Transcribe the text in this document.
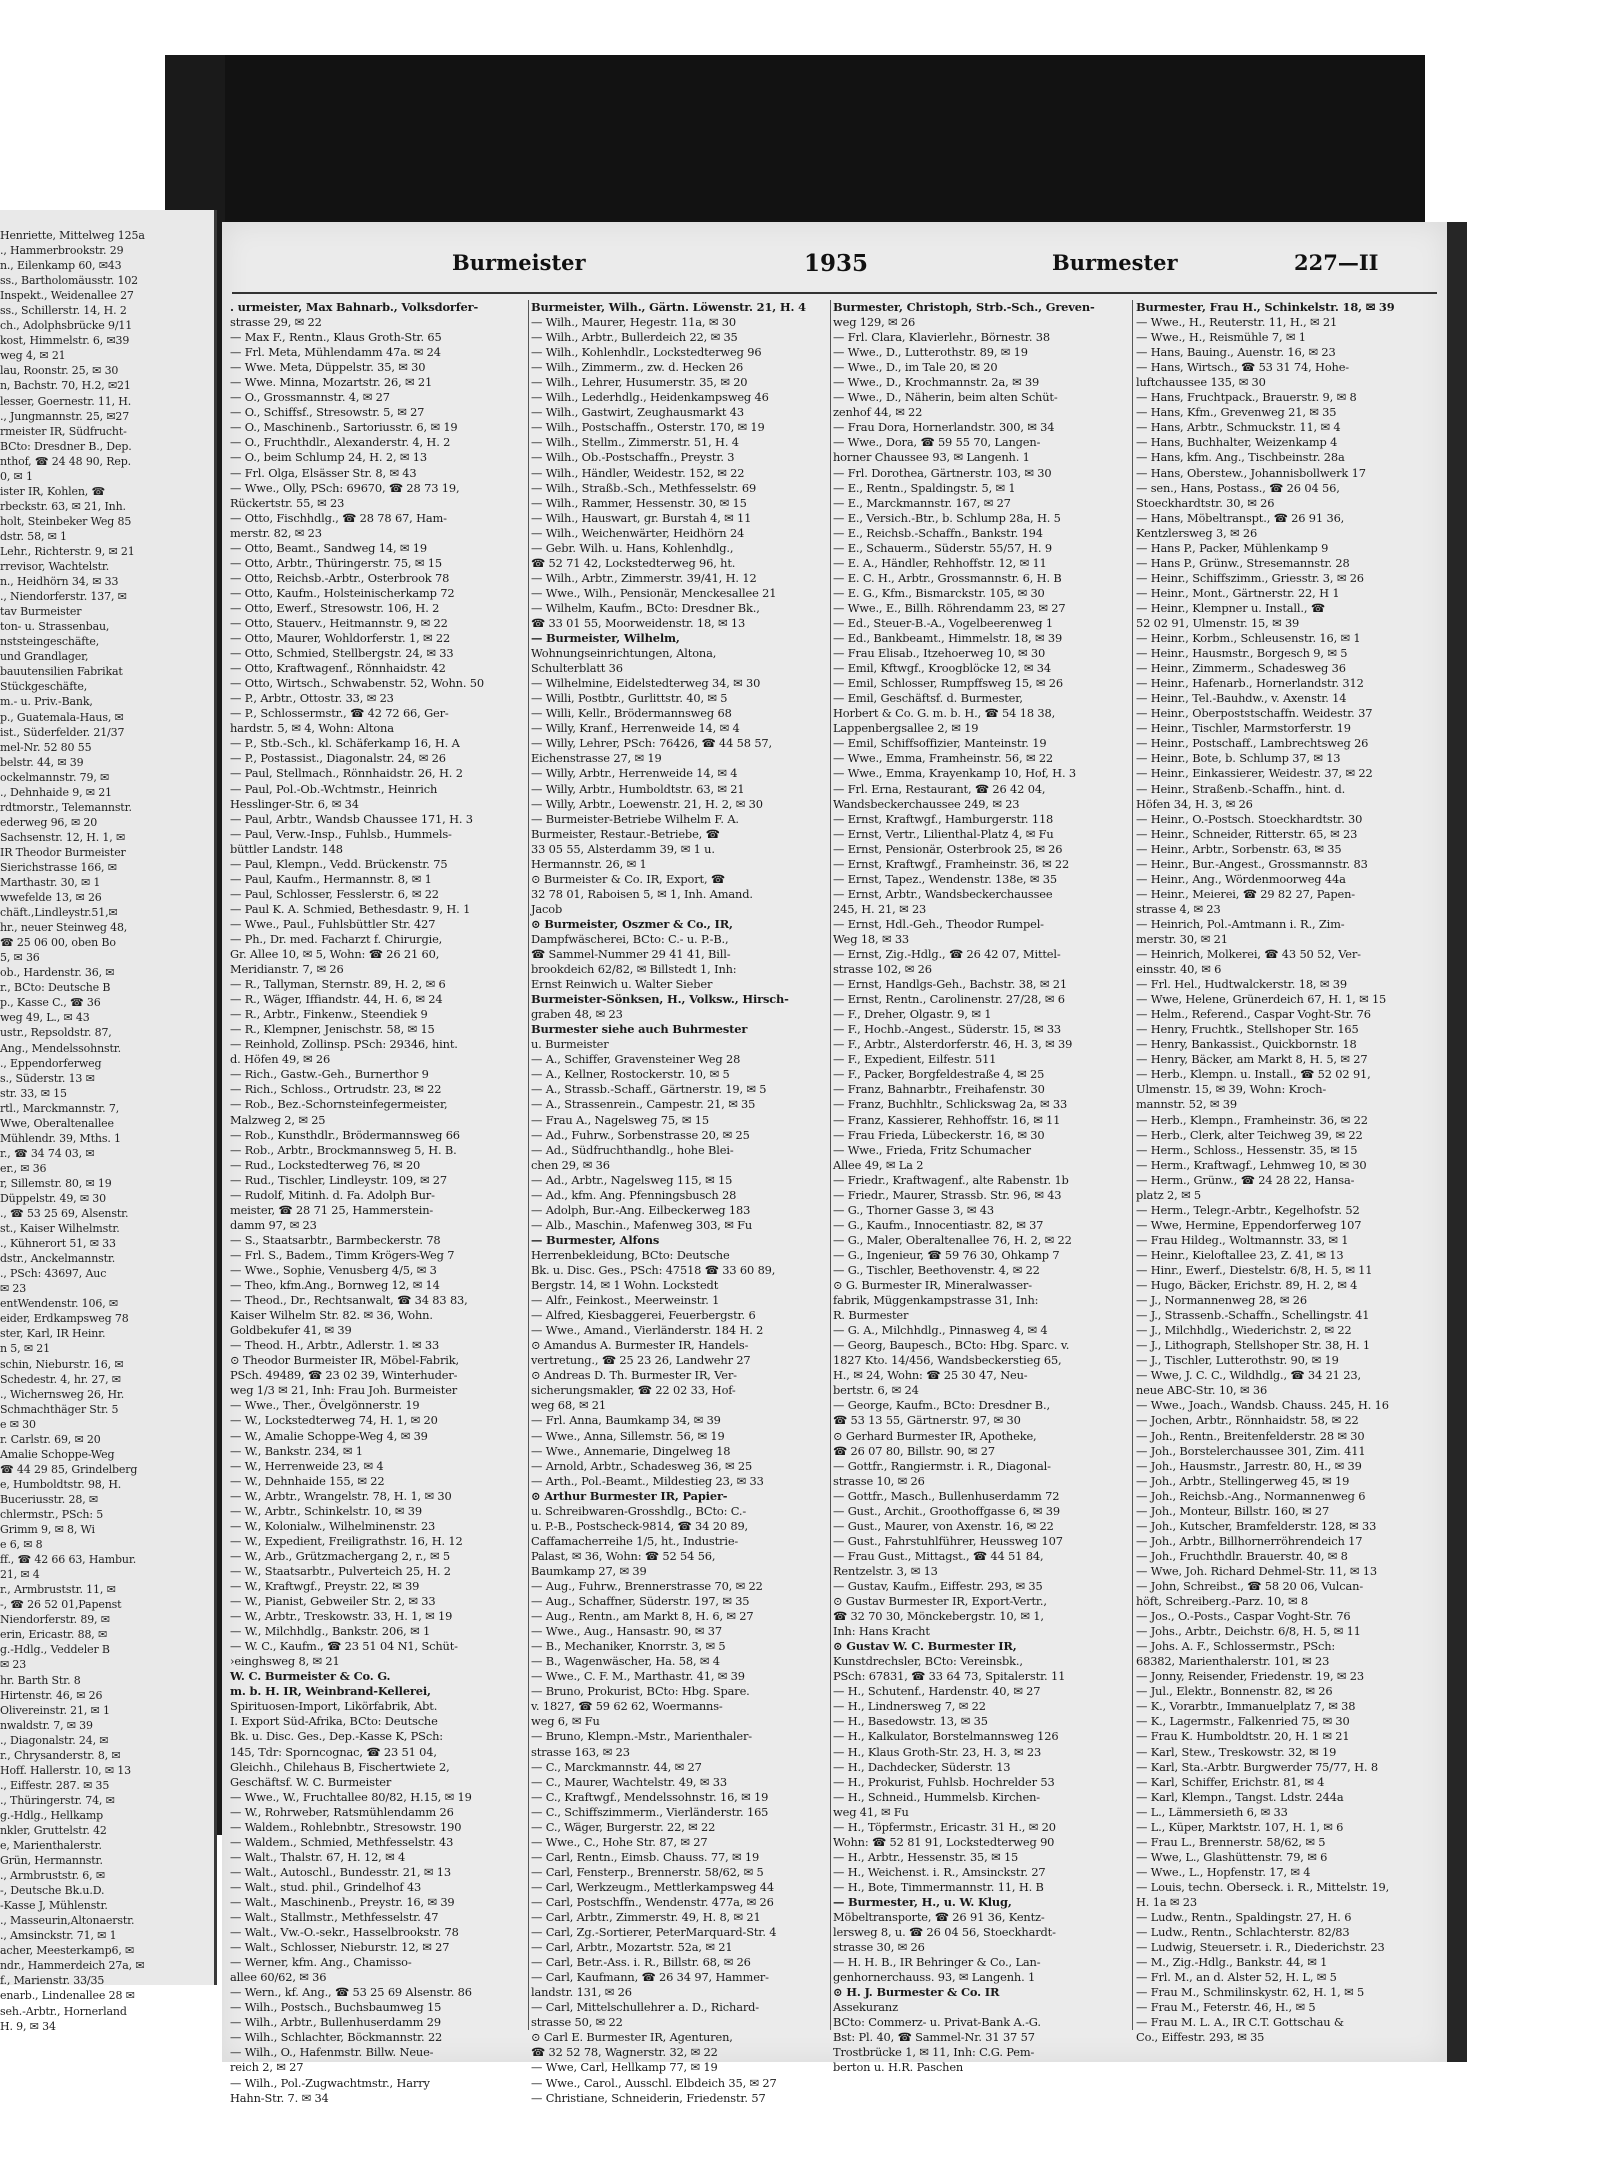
Henriette, Mittelweg 125a
., Hammerbrookstr. 29
n., Eilenkamp 60, ✉43
ss., Bartholomäusstr. 102
Inspekt., Weidenallee 27
ss., Schillerstr. 14, H. 2
ch., Adolphsbrücke 9/11
kost, Himmelstr. 6, ✉39
weg 4, ✉ 21
lau, Roonstr. 25, ✉ 30
n, Bachstr. 70, H.2, ✉21
lesser, Goernestr. 11, H.
., Jungmannstr. 25, ✉27
rmeister IR, Südfrucht-
BCto: Dresdner B., Dep.
nthof, ☎ 24 48 90, Rep.
0, ✉ 1
ister IR, Kohlen, ☎
rbeckstr. 63, ✉ 21, Inh.
holt, Steinbeker Weg 85
dstr. 58, ✉ 1
Lehr., Richterstr. 9, ✉ 21
rrevisor, Wachtelstr.
n., Heidhörn 34, ✉ 33
., Niendorferstr. 137, ✉
tav Burmeister
ton- u. Strassenbau,
nststeingeschäfte,
und Grandlager,
bauutensilien Fabrikat
Stückgeschäfte,
m.- u. Priv.-Bank,
p., Guatemala-Haus, ✉
ist., Süderfelder. 21/37
mel-Nr. 52 80 55
belstr. 44, ✉ 39
ockelmannstr. 79, ✉
., Dehnhaide 9, ✉ 21
rdtmorstr., Telemannstr.
ederweg 96, ✉ 20
Sachsenstr. 12, H. 1, ✉
IR Theodor Burmeister
Sierichstrasse 166, ✉
Marthastr. 30, ✉ 1
wwefelde 13, ✉ 26
chäft.,Lindleystr.51,✉
hr., neuer Steinweg 48,
☎ 25 06 00, oben Bo
5, ✉ 36
ob., Hardenstr. 36, ✉
r., BCto: Deutsche B
p., Kasse C., ☎ 36
weg 49, L., ✉ 43
ustr., Repsoldstr. 87,
Ang., Mendelssohnstr.
., Eppendorferweg
s., Süderstr. 13 ✉
str. 33, ✉ 15
rtl., Marckmannstr. 7,
Wwe, Oberaltenallee
Mühlendr. 39, Mths. 1
r., ☎ 34 74 03, ✉
er., ✉ 36
r, Sillemstr. 80, ✉ 19
Düppelstr. 49, ✉ 30
., ☎ 53 25 69, Alsenstr.
st., Kaiser Wilhelmstr.
., Kühnerort 51, ✉ 33
dstr., Anckelmannstr.
., PSch: 43697, Auc
✉ 23
entWendenstr. 106, ✉
eider, Erdkampsweg 78
ster, Karl, IR Heinr.
n 5, ✉ 21
schin, Nieburstr. 16, ✉
Schedestr. 4, hr. 27, ✉
., Wichernsweg 26, Hr.
Schmachthäger Str. 5
e ✉ 30
r. Carlstr. 69, ✉ 20
Amalie Schoppe-Weg
☎ 44 29 85, Grindelberg
e, Humboldtstr. 98, H.
Buceriusstr. 28, ✉
chlermstr., PSch: 5
Grimm 9, ✉ 8, Wi
e 6, ✉ 8
ff., ☎ 42 66 63, Hambur.
21, ✉ 4
r., Armbruststr. 11, ✉
-, ☎ 26 52 01,Papenst
Niendorferstr. 89, ✉
erin, Ericastr. 88, ✉
g.-Hdlg., Veddeler B
✉ 23
hr. Barth Str. 8
Hirtenstr. 46, ✉ 26
Olivereinstr. 21, ✉ 1
nwaldstr. 7, ✉ 39
., Diagonalstr. 24, ✉
r., Chrysanderstr. 8, ✉
Hoff. Hallerstr. 10, ✉ 13
., Eiffestr. 287. ✉ 35
., Thüringerstr. 74, ✉
g.-Hdlg., Hellkamp
nkler, Gruttelstr. 42
e, Marienthalerstr.
Grün, Hermannstr.
., Armbruststr. 6, ✉
-, Deutsche Bk.u.D.
-Kasse J, Mühlenstr.
., Masseurin,Altonaerstr.
., Amsinckstr. 71, ✉ 1
acher, Meesterkamp6, ✉
ndr., Hammerdeich 27a, ✉
f., Marienstr. 33/35
enarb., Lindenallee 28 ✉
seh.-Arbtr., Hornerland
H. 9, ✉ 34
Burmeister	1935	Burmester	227—II
. urmeister, Max Bahnarb., Volksdorfer-
strasse 29, ✉ 22
— Max F., Rentn., Klaus Groth-Str. 65
— Frl. Meta, Mühlendamm 47a. ✉ 24
— Wwe. Meta, Düppelstr. 35, ✉ 30
— Wwe. Minna, Mozartstr. 26, ✉ 21
— O., Grossmannstr. 4, ✉ 27
— O., Schiffsf., Stresowstr. 5, ✉ 27
— O., Maschinenb., Sartoriusstr. 6, ✉ 19
— O., Fruchthdlr., Alexanderstr. 4, H. 2
— O., beim Schlump 24, H. 2, ✉ 13
— Frl. Olga, Elsässer Str. 8, ✉ 43
— Wwe., Olly, PSch: 69670, ☎ 28 73 19,
Rückertstr. 55, ✉ 23
— Otto, Fischhdlg., ☎ 28 78 67, Ham-
merstr. 82, ✉ 23
— Otto, Beamt., Sandweg 14, ✉ 19
— Otto, Arbtr., Thüringerstr. 75, ✉ 15
— Otto, Reichsb.-Arbtr., Osterbrook 78
— Otto, Kaufm., Holsteinischerkamp 72
— Otto, Ewerf., Stresowstr. 106, H. 2
— Otto, Stauerv., Heitmannstr. 9, ✉ 22
— Otto, Maurer, Wohldorferstr. 1, ✉ 22
— Otto, Schmied, Stellbergstr. 24, ✉ 33
— Otto, Kraftwagenf., Rönnhaidstr. 42
— Otto, Wirtsch., Schwabenstr. 52, Wohn. 50
— P., Arbtr., Ottostr. 33, ✉ 23
— P., Schlossermstr., ☎ 42 72 66, Ger-
hardstr. 5, ✉ 4, Wohn: Altona
— P., Stb.-Sch., kl. Schäferkamp 16, H. A
— P., Postassist., Diagonalstr. 24, ✉ 26
— Paul, Stellmach., Rönnhaidstr. 26, H. 2
— Paul, Pol.-Ob.-Wchtmstr., Heinrich
Hesslinger-Str. 6, ✉ 34
— Paul, Arbtr., Wandsb Chaussee 171, H. 3
— Paul, Verw.-Insp., Fuhlsb., Hummels-
büttler Landstr. 148
— Paul, Klempn., Vedd. Brückenstr. 75
— Paul, Kaufm., Hermannstr. 8, ✉ 1
— Paul, Schlosser, Fesslerstr. 6, ✉ 22
— Paul K. A. Schmied, Bethesdastr. 9, H. 1
— Wwe., Paul., Fuhlsbüttler Str. 427
— Ph., Dr. med. Facharzt f. Chirurgie,
Gr. Allee 10, ✉ 5, Wohn: ☎ 26 21 60,
Meridianstr. 7, ✉ 26
— R., Tallyman, Sternstr. 89, H. 2, ✉ 6
— R., Wäger, Iffiandstr. 44, H. 6, ✉ 24
— R., Arbtr., Finkenw., Steendiek 9
— R., Klempner, Jenischstr. 58, ✉ 15
— Reinhold, Zollinsp. PSch: 29346, hint.
d. Höfen 49, ✉ 26
— Rich., Gastw.-Geh., Burnerthor 9
— Rich., Schloss., Ortrudstr. 23, ✉ 22
— Rob., Bez.-Schornsteinfegermeister,
Malzweg 2, ✉ 25
— Rob., Kunsthdlr., Brödermannsweg 66
— Rob., Arbtr., Brockmannsweg 5, H. B.
— Rud., Lockstedterweg 76, ✉ 20
— Rud., Tischler, Lindleystr. 109, ✉ 27
— Rudolf, Mitinh. d. Fa. Adolph Bur-
meister, ☎ 28 71 25, Hammerstein-
damm 97, ✉ 23
— S., Staatsarbtr., Barmbeckerstr. 78
— Frl. S., Badem., Timm Krögers-Weg 7
— Wwe., Sophie, Venusberg 4/5, ✉ 3
— Theo, kfm.Ang., Bornweg 12, ✉ 14
— Theod., Dr., Rechtsanwalt, ☎ 34 83 83,
Kaiser Wilhelm Str. 82. ✉ 36, Wohn.
Goldbekufer 41, ✉ 39
— Theod. H., Arbtr., Adlerstr. 1. ✉ 33
⊙ Theodor Burmeister IR, Möbel-Fabrik,
PSch. 49489, ☎ 23 02 39, Winterhuder-
weg 1/3 ✉ 21, Inh: Frau Joh. Burmeister
— Wwe., Ther., Övelgönnerstr. 19
— W., Lockstedterweg 74, H. 1, ✉ 20
— W., Amalie Schoppe-Weg 4, ✉ 39
— W., Bankstr. 234, ✉ 1
— W., Herrenweide 23, ✉ 4
— W., Dehnhaide 155, ✉ 22
— W., Arbtr., Wrangelstr. 78, H. 1, ✉ 30
— W., Arbtr., Schinkelstr. 10, ✉ 39
— W., Kolonialw., Wilhelminenstr. 23
— W., Expedient, Freiligrathstr. 16, H. 12
— W., Arb., Grützmachergang 2, r., ✉ 5
— W., Staatsarbtr., Pulverteich 25, H. 2
— W., Kraftwgf., Preystr. 22, ✉ 39
— W., Pianist, Gebweiler Str. 2, ✉ 33
— W., Arbtr., Treskowstr. 33, H. 1, ✉ 19
— W., Milchhdlg., Bankstr. 206, ✉ 1
— W. C., Kaufm., ☎ 23 51 04 N1, Schüt-
›einghsweg 8, ✉ 21
W. C. Burmeister & Co. G.
m. b. H. IR, Weinbrand-Kellerei,
Spirituosen-Import, Likörfabrik, Abt.
I. Export Süd-Afrika, BCto: Deutsche
Bk. u. Disc. Ges., Dep.-Kasse K, PSch:
145, Tdr: Sporncognac, ☎ 23 51 04,
Gleichh., Chilehaus B, Fischertwiete 2,
Geschäftsf. W. C. Burmeister
— Wwe., W., Fruchtallee 80/82, H.15, ✉ 19
— W., Rohrweber, Ratsmühlendamm 26
— Waldem., Rohlebnbtr., Stresowstr. 190
— Waldem., Schmied, Methfesselstr. 43
— Walt., Thalstr. 67, H. 12, ✉ 4
— Walt., Autoschl., Bundesstr. 21, ✉ 13
— Walt., stud. phil., Grindelhof 43
— Walt., Maschinenb., Preystr. 16, ✉ 39
— Walt., Stallmstr., Methfesselstr. 47
— Walt., Vw.-O.-sekr., Hasselbrookstr. 78
— Walt., Schlosser, Nieburstr. 12, ✉ 27
— Werner, kfm. Ang., Chamisso-
allee 60/62, ✉ 36
— Wern., kf. Ang., ☎ 53 25 69 Alsenstr. 86
— Wilh., Postsch., Buchsbaumweg 15
— Wilh., Arbtr., Bullenhuserdamm 29
— Wilh., Schlachter, Böckmannstr. 22
— Wilh., O., Hafenmstr. Billw. Neue-
reich 2, ✉ 27
— Wilh., Pol.-Zugwachtmstr., Harry
Hahn-Str. 7. ✉ 34
Burmeister, Wilh., Gärtn. Löwenstr. 21, H. 4
— Wilh., Maurer, Hegestr. 11a, ✉ 30
— Wilh., Arbtr., Bullerdeich 22, ✉ 35
— Wilh., Kohlenhdlr., Lockstedterweg 96
— Wilh., Zimmerm., zw. d. Hecken 26
— Wilh., Lehrer, Husumerstr. 35, ✉ 20
— Wilh., Lederhdlg., Heidenkampsweg 46
— Wilh., Gastwirt, Zeughausmarkt 43
— Wilh., Postschaffn., Osterstr. 170, ✉ 19
— Wilh., Stellm., Zimmerstr. 51, H. 4
— Wilh., Ob.-Postschaffn., Preystr. 3
— Wilh., Händler, Weidestr. 152, ✉ 22
— Wilh., Straßb.-Sch., Methfesselstr. 69
— Wilh., Rammer, Hessenstr. 30, ✉ 15
— Wilh., Hauswart, gr. Burstah 4, ✉ 11
— Wilh., Weichenwärter, Heidhörn 24
— Gebr. Wilh. u. Hans, Kohlenhdlg.,
☎ 52 71 42, Lockstedterweg 96, ht.
— Wilh., Arbtr., Zimmerstr. 39/41, H. 12
— Wwe., Wilh., Pensionär, Menckesallee 21
— Wilhelm, Kaufm., BCto: Dresdner Bk.,
☎ 33 01 55, Moorweidenstr. 18, ✉ 13
— Burmeister, Wilhelm,
Wohnungseinrichtungen, Altona,
Schulterblatt 36
— Wilhelmine, Eidelstedterweg 34, ✉ 30
— Willi, Postbtr., Gurlittstr. 40, ✉ 5
— Willi, Kellr., Brödermannsweg 68
— Willy, Kranf., Herrenweide 14, ✉ 4
— Willy, Lehrer, PSch: 76426, ☎ 44 58 57,
Eichenstrasse 27, ✉ 19
— Willy, Arbtr., Herrenweide 14, ✉ 4
— Willy, Arbtr., Humboldtstr. 63, ✉ 21
— Willy, Arbtr., Loewenstr. 21, H. 2, ✉ 30
— Burmeister-Betriebe Wilhelm F. A.
Burmeister, Restaur.-Betriebe, ☎
33 05 55, Alsterdamm 39, ✉ 1 u.
Hermannstr. 26, ✉ 1
⊙ Burmeister & Co. IR, Export, ☎
32 78 01, Raboisen 5, ✉ 1, Inh. Amand.
Jacob
⊙ Burmeister, Oszmer & Co., IR,
Dampfwäscherei, BCto: C.- u. P.-B.,
☎ Sammel-Nummer 29 41 41, Bill-
brookdeich 62/82, ✉ Billstedt 1, Inh:
Ernst Reinwich u. Walter Sieber
Burmeister-Sönksen, H., Volksw., Hirsch-
graben 48, ✉ 23
Burmester siehe auch Buhrmester
u. Burmeister
— A., Schiffer, Gravensteiner Weg 28
— A., Kellner, Rostockerstr. 10, ✉ 5
— A., Strassb.-Schaff., Gärtnerstr. 19, ✉ 5
— A., Strassenrein., Campestr. 21, ✉ 35
— Frau A., Nagelsweg 75, ✉ 15
— Ad., Fuhrw., Sorbenstrasse 20, ✉ 25
— Ad., Südfruchthandlg., hohe Blei-
chen 29, ✉ 36
— Ad., Arbtr., Nagelsweg 115, ✉ 15
— Ad., kfm. Ang. Pfenningsbusch 28
— Adolph, Bur.-Ang. Eilbeckerweg 183
— Alb., Maschin., Mafenweg 303, ✉ Fu
— Burmester, Alfons
Herrenbekleidung, BCto: Deutsche
Bk. u. Disc. Ges., PSch: 47518 ☎ 33 60 89,
Bergstr. 14, ✉ 1 Wohn. Lockstedt
— Alfr., Feinkost., Meerweinstr. 1
— Alfred, Kiesbaggerei, Feuerbergstr. 6
— Wwe., Amand., Vierländerstr. 184 H. 2
⊙ Amandus A. Burmester IR, Handels-
vertretung., ☎ 25 23 26, Landwehr 27
⊙ Andreas D. Th. Burmester IR, Ver-
sicherungsmakler, ☎ 22 02 33, Hof-
weg 68, ✉ 21
— Frl. Anna, Baumkamp 34, ✉ 39
— Wwe., Anna, Sillemstr. 56, ✉ 19
— Wwe., Annemarie, Dingelweg 18
— Arnold, Arbtr., Schadesweg 36, ✉ 25
— Arth., Pol.-Beamt., Mildestieg 23, ✉ 33
⊙ Arthur Burmester IR, Papier-
u. Schreibwaren-Grosshdlg., BCto: C.-
u. P.-B., Postscheck-9814, ☎ 34 20 89,
Caffamacherreihe 1/5, ht., Industrie-
Palast, ✉ 36, Wohn: ☎ 52 54 56,
Baumkamp 27, ✉ 39
— Aug., Fuhrw., Brennerstrasse 70, ✉ 22
— Aug., Schaffner, Süderstr. 197, ✉ 35
— Aug., Rentn., am Markt 8, H. 6, ✉ 27
— Wwe., Aug., Hansastr. 90, ✉ 37
— B., Mechaniker, Knorrstr. 3, ✉ 5
— B., Wagenwäscher, Ha. 58, ✉ 4
— Wwe., C. F. M., Marthastr. 41, ✉ 39
— Bruno, Prokurist, BCto: Hbg. Spare.
v. 1827, ☎ 59 62 62, Woermanns-
weg 6, ✉ Fu
— Bruno, Klempn.-Mstr., Marienthaler-
strasse 163, ✉ 23
— C., Marckmannstr. 44, ✉ 27
— C., Maurer, Wachtelstr. 49, ✉ 33
— C., Kraftwgf., Mendelssohnstr. 16, ✉ 19
— C., Schiffszimmerm., Vierländerstr. 165
— C., Wäger, Burgerstr. 22, ✉ 22
— Wwe., C., Hohe Str. 87, ✉ 27
— Carl, Rentn., Eimsb. Chauss. 77, ✉ 19
— Carl, Fensterp., Brennerstr. 58/62, ✉ 5
— Carl, Werkzeugm., Mettlerkampsweg 44
— Carl, Postschffn., Wendenstr. 477a, ✉ 26
— Carl, Arbtr., Zimmerstr. 49, H. 8, ✉ 21
— Carl, Zg.-Sortierer, PeterMarquard-Str. 4
— Carl, Arbtr., Mozartstr. 52a, ✉ 21
— Carl, Betr.-Ass. i. R., Billstr. 68, ✉ 26
— Carl, Kaufmann, ☎ 26 34 97, Hammer-
landstr. 131, ✉ 26
— Carl, Mittelschullehrer a. D., Richard-
strasse 50, ✉ 22
⊙ Carl E. Burmester IR, Agenturen,
☎ 32 52 78, Wagnerstr. 32, ✉ 22
— Wwe, Carl, Hellkamp 77, ✉ 19
— Wwe., Carol., Ausschl. Elbdeich 35, ✉ 27
— Christiane, Schneiderin, Friedenstr. 57
Burmester, Christoph, Strb.-Sch., Greven-
weg 129, ✉ 26
— Frl. Clara, Klavierlehr., Börnestr. 38
— Wwe., D., Lutterothstr. 89, ✉ 19
— Wwe., D., im Tale 20, ✉ 20
— Wwe., D., Krochmannstr. 2a, ✉ 39
— Wwe., D., Näherin, beim alten Schüt-
zenhof 44, ✉ 22
— Frau Dora, Hornerlandstr. 300, ✉ 34
— Wwe., Dora, ☎ 59 55 70, Langen-
horner Chaussee 93, ✉ Langenh. 1
— Frl. Dorothea, Gärtnerstr. 103, ✉ 30
— E., Rentn., Spaldingstr. 5, ✉ 1
— E., Marckmannstr. 167, ✉ 27
— E., Versich.-Btr., b. Schlump 28a, H. 5
— E., Reichsb.-Schaffn., Bankstr. 194
— E., Schauerm., Süderstr. 55/57, H. 9
— E. A., Händler, Rehhoffstr. 12, ✉ 11
— E. C. H., Arbtr., Grossmannstr. 6, H. B
— E. G., Kfm., Bismarckstr. 105, ✉ 30
— Wwe., E., Billh. Röhrendamm 23, ✉ 27
— Ed., Steuer-B.-A., Vogelbeerenweg 1
— Ed., Bankbeamt., Himmelstr. 18, ✉ 39
— Frau Elisab., Itzehoerweg 10, ✉ 30
— Emil, Kftwgf., Kroogblöcke 12, ✉ 34
— Emil, Schlosser, Rumpffsweg 15, ✉ 26
— Emil, Geschäftsf. d. Burmester,
Horbert & Co. G. m. b. H., ☎ 54 18 38,
Lappenbergsallee 2, ✉ 19
— Emil, Schiffsoffizier, Manteinstr. 19
— Wwe., Emma, Framheinstr. 56, ✉ 22
— Wwe., Emma, Krayenkamp 10, Hof, H. 3
— Frl. Erna, Restaurant, ☎ 26 42 04,
Wandsbeckerchaussee 249, ✉ 23
— Ernst, Kraftwgf., Hamburgerstr. 118
— Ernst, Vertr., Lilienthal-Platz 4, ✉ Fu
— Ernst, Pensionär, Osterbrook 25, ✉ 26
— Ernst, Kraftwgf., Framheinstr. 36, ✉ 22
— Ernst, Tapez., Wendenstr. 138e, ✉ 35
— Ernst, Arbtr., Wandsbeckerchaussee
245, H. 21, ✉ 23
— Ernst, Hdl.-Geh., Theodor Rumpel-
Weg 18, ✉ 33
— Ernst, Zig.-Hdlg., ☎ 26 42 07, Mittel-
strasse 102, ✉ 26
— Ernst, Handlgs-Geh., Bachstr. 38, ✉ 21
— Ernst, Rentn., Carolinenstr. 27/28, ✉ 6
— F., Dreher, Olgastr. 9, ✉ 1
— F., Hochb.-Angest., Süderstr. 15, ✉ 33
— F., Arbtr., Alsterdorferstr. 46, H. 3, ✉ 39
— F., Expedient, Eilfestr. 511
— F., Packer, Borgfeldestraße 4, ✉ 25
— Franz, Bahnarbtr., Freihafenstr. 30
— Franz, Buchhltr., Schlickswag 2a, ✉ 33
— Franz, Kassierer, Rehhoffstr. 16, ✉ 11
— Frau Frieda, Lübeckerstr. 16, ✉ 30
— Wwe., Frieda, Fritz Schumacher
Allee 49, ✉ La 2
— Friedr., Kraftwagenf., alte Rabenstr. 1b
— Friedr., Maurer, Strassb. Str. 96, ✉ 43
— G., Thorner Gasse 3, ✉ 43
— G., Kaufm., Innocentiastr. 82, ✉ 37
— G., Maler, Oberaltenallee 76, H. 2, ✉ 22
— G., Ingenieur, ☎ 59 76 30, Ohkamp 7
— G., Tischler, Beethovenstr. 4, ✉ 22
⊙ G. Burmester IR, Mineralwasser-
fabrik, Müggenkampstrasse 31, Inh:
R. Burmester
— G. A., Milchhdlg., Pinnasweg 4, ✉ 4
— Georg, Baupesch., BCto: Hbg. Sparc. v.
1827 Kto. 14/456, Wandsbeckerstieg 65,
H., ✉ 24, Wohn: ☎ 25 30 47, Neu-
bertstr. 6, ✉ 24
— George, Kaufm., BCto: Dresdner B.,
☎ 53 13 55, Gärtnerstr. 97, ✉ 30
⊙ Gerhard Burmester IR, Apotheke,
☎ 26 07 80, Billstr. 90, ✉ 27
— Gottfr., Rangiermstr. i. R., Diagonal-
strasse 10, ✉ 26
— Gottfr., Masch., Bullenhuserdamm 72
— Gust., Archit., Groothoffgasse 6, ✉ 39
— Gust., Maurer, von Axenstr. 16, ✉ 22
— Gust., Fahrstuhlführer, Heussweg 107
— Frau Gust., Mittagst., ☎ 44 51 84,
Rentzelstr. 3, ✉ 13
— Gustav, Kaufm., Eiffestr. 293, ✉ 35
⊙ Gustav Burmester IR, Export-Vertr.,
☎ 32 70 30, Mönckebergstr. 10, ✉ 1,
Inh: Hans Kracht
⊙ Gustav W. C. Burmester IR,
Kunstdrechsler, BCto: Vereinsbk.,
PSch: 67831, ☎ 33 64 73, Spitalerstr. 11
— H., Schutenf., Hardenstr. 40, ✉ 27
— H., Lindnersweg 7, ✉ 22
— H., Basedowstr. 13, ✉ 35
— H., Kalkulator, Borstelmannsweg 126
— H., Klaus Groth-Str. 23, H. 3, ✉ 23
— H., Dachdecker, Süderstr. 13
— H., Prokurist, Fuhlsb. Hochrelder 53
— H., Schneid., Hummelsb. Kirchen-
weg 41, ✉ Fu
— H., Töpfermstr., Ericastr. 31 H., ✉ 20
Wohn: ☎ 52 81 91, Lockstedterweg 90
— H., Arbtr., Hessenstr. 35, ✉ 15
— H., Weichenst. i. R., Amsinckstr. 27
— H., Bote, Timmermannstr. 11, H. B
— Burmester, H., u. W. Klug,
Möbeltransporte, ☎ 26 91 36, Kentz-
lersweg 8, u. ☎ 26 04 56, Stoeckhardt-
strasse 30, ✉ 26
— H. H. B., IR Behringer & Co., Lan-
genhornerchauss. 93, ✉ Langenh. 1
⊙ H. J. Burmester & Co. IR
Assekuranz
BCto: Commerz- u. Privat-Bank A.-G.
Bst: Pl. 40, ☎ Sammel-Nr. 31 37 57
Trostbrücke 1, ✉ 11, Inh: C.G. Pem-
berton u. H.R. Paschen
Burmester, Frau H., Schinkelstr. 18, ✉ 39
— Wwe., H., Reuterstr. 11, H., ✉ 21
— Wwe., H., Reismühle 7, ✉ 1
— Hans, Bauing., Auenstr. 16, ✉ 23
— Hans, Wirtsch., ☎ 53 31 74, Hohe-
luftchaussee 135, ✉ 30
— Hans, Fruchtpack., Brauerstr. 9, ✉ 8
— Hans, Kfm., Grevenweg 21, ✉ 35
— Hans, Arbtr., Schmuckstr. 11, ✉ 4
— Hans, Buchhalter, Weizenkamp 4
— Hans, kfm. Ang., Tischbeinstr. 28a
— Hans, Oberstew., Johannisbollwerk 17
— sen., Hans, Postass., ☎ 26 04 56,
Stoeckhardtstr. 30, ✉ 26
— Hans, Möbeltranspt., ☎ 26 91 36,
Kentzlersweg 3, ✉ 26
— Hans P., Packer, Mühlenkamp 9
— Hans P., Grünw., Stresemannstr. 28
— Heinr., Schiffszimm., Griesstr. 3, ✉ 26
— Heinr., Mont., Gärtnerstr. 22, H 1
— Heinr., Klempner u. Install., ☎
52 02 91, Ulmenstr. 15, ✉ 39
— Heinr., Korbm., Schleusenstr. 16, ✉ 1
— Heinr., Hausmstr., Borgesch 9, ✉ 5
— Heinr., Zimmerm., Schadesweg 36
— Heinr., Hafenarb., Hornerlandstr. 312
— Heinr., Tel.-Bauhdw., v. Axenstr. 14
— Heinr., Oberpoststschaffn. Weidestr. 37
— Heinr., Tischler, Marmstorferstr. 19
— Heinr., Postschaff., Lambrechtsweg 26
— Heinr., Bote, b. Schlump 37, ✉ 13
— Heinr., Einkassierer, Weidestr. 37, ✉ 22
— Heinr., Straßenb.-Schaffn., hint. d.
Höfen 34, H. 3, ✉ 26
— Heinr., O.-Postsch. Stoeckhardtstr. 30
— Heinr., Schneider, Ritterstr. 65, ✉ 23
— Heinr., Arbtr., Sorbenstr. 63, ✉ 35
— Heinr., Bur.-Angest., Grossmannstr. 83
— Heinr., Ang., Wördenmoorweg 44a
— Heinr., Meierei, ☎ 29 82 27, Papen-
strasse 4, ✉ 23
— Heinrich, Pol.-Amtmann i. R., Zim-
merstr. 30, ✉ 21
— Heinrich, Molkerei, ☎ 43 50 52, Ver-
einsstr. 40, ✉ 6
— Frl. Hel., Hudtwalckerstr. 18, ✉ 39
— Wwe, Helene, Grünerdeich 67, H. 1, ✉ 15
— Helm., Referend., Caspar Voght-Str. 76
— Henry, Fruchtk., Stellshoper Str. 165
— Henry, Bankassist., Quickbornstr. 18
— Henry, Bäcker, am Markt 8, H. 5, ✉ 27
— Herb., Klempn. u. Install., ☎ 52 02 91,
Ulmenstr. 15, ✉ 39, Wohn: Kroch-
mannstr. 52, ✉ 39
— Herb., Klempn., Framheinstr. 36, ✉ 22
— Herb., Clerk, alter Teichweg 39, ✉ 22
— Herm., Schloss., Hessenstr. 35, ✉ 15
— Herm., Kraftwagf., Lehmweg 10, ✉ 30
— Herm., Grünw., ☎ 24 28 22, Hansa-
platz 2, ✉ 5
— Herm., Telegr.-Arbtr., Kegelhofstr. 52
— Wwe, Hermine, Eppendorferweg 107
— Frau Hildeg., Woltmannstr. 33, ✉ 1
— Heinr., Kieloftallee 23, Z. 41, ✉ 13
— Hinr., Ewerf., Diestelstr. 6/8, H. 5, ✉ 11
— Hugo, Bäcker, Erichstr. 89, H. 2, ✉ 4
— J., Normannenweg 28, ✉ 26
— J., Strassenb.-Schaffn., Schellingstr. 41
— J., Milchhdlg., Wiederichstr. 2, ✉ 22
— J., Lithograph, Stellshoper Str. 38, H. 1
— J., Tischler, Lutterothstr. 90, ✉ 19
— Wwe, J. C. C., Wildhdlg., ☎ 34 21 23,
neue ABC-Str. 10, ✉ 36
— Wwe., Joach., Wandsb. Chauss. 245, H. 16
— Jochen, Arbtr., Rönnhaidstr. 58, ✉ 22
— Joh., Rentn., Breitenfelderstr. 28 ✉ 30
— Joh., Borstelerchaussee 301, Zim. 411
— Joh., Hausmstr., Jarrestr. 80, H., ✉ 39
— Joh., Arbtr., Stellingerweg 45, ✉ 19
— Joh., Reichsb.-Ang., Normannenweg 6
— Joh., Monteur, Billstr. 160, ✉ 27
— Joh., Kutscher, Bramfelderstr. 128, ✉ 33
— Joh., Arbtr., Billhornerröhrendeich 17
— Joh., Fruchthdlr. Brauerstr. 40, ✉ 8
— Wwe, Joh. Richard Dehmel-Str. 11, ✉ 13
— John, Schreibst., ☎ 58 20 06, Vulcan-
höft, Schreiberg.-Parz. 10, ✉ 8
— Jos., O.-Posts., Caspar Voght-Str. 76
— Johs., Arbtr., Deichstr. 6/8, H. 5, ✉ 11
— Johs. A. F., Schlossermstr., PSch:
68382, Marienthalerstr. 101, ✉ 23
— Jonny, Reisender, Friedenstr. 19, ✉ 23
— Jul., Elektr., Bonnenstr. 82, ✉ 26
— K., Vorarbtr., Immanuelplatz 7, ✉ 38
— K., Lagermstr., Falkenried 75, ✉ 30
— Frau K. Humboldtstr. 20, H. 1 ✉ 21
— Karl, Stew., Treskowstr. 32, ✉ 19
— Karl, Sta.-Arbtr. Burgwerder 75/77, H. 8
— Karl, Schiffer, Erichstr. 81, ✉ 4
— Karl, Klempn., Tangst. Ldstr. 244a
— L., Lämmersieth 6, ✉ 33
— L., Küper, Marktstr. 107, H. 1, ✉ 6
— Frau L., Brennerstr. 58/62, ✉ 5
— Wwe, L., Glashüttenstr. 79, ✉ 6
— Wwe., L., Hopfenstr. 17, ✉ 4
— Louis, techn. Oberseck. i. R., Mittelstr. 19,
H. 1a ✉ 23
— Ludw., Rentn., Spaldingstr. 27, H. 6
— Ludw., Rentn., Schlachterstr. 82/83
— Ludwig, Steuersetr. i. R., Diederichstr. 23
— M., Zig.-Hdlg., Bankstr. 44, ✉ 1
— Frl. M., an d. Alster 52, H. L, ✉ 5
— Frau M., Schmilinskystr. 62, H. 1, ✉ 5
— Frau M., Feterstr. 46, H., ✉ 5
— Frau M. L. A., IR C.T. Gottschau &
Co., Eiffestr. 293, ✉ 35
